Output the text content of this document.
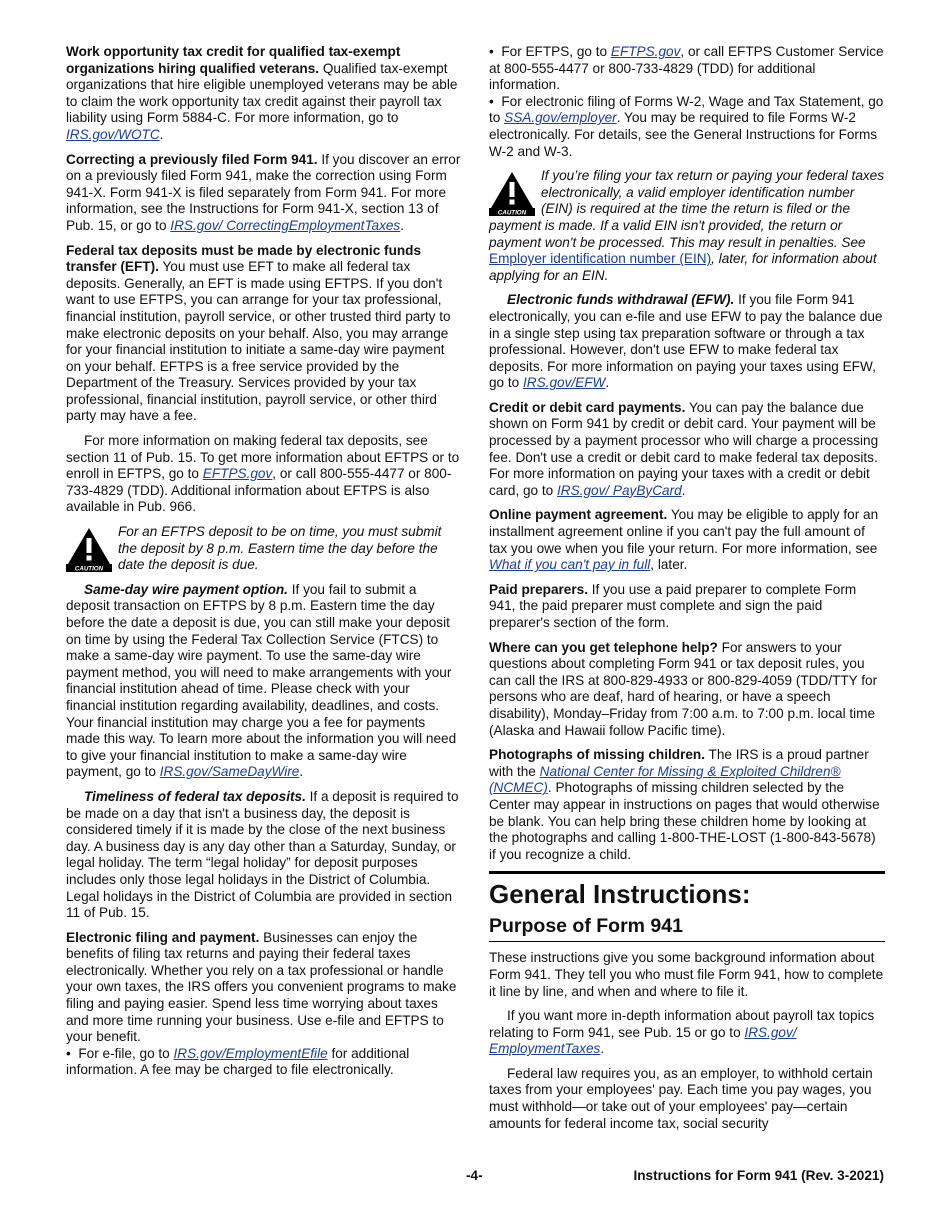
Work opportunity tax credit for qualified tax-exempt organizations hiring qualified veterans. Qualified tax-exempt organizations that hire eligible unemployed veterans may be able to claim the work opportunity tax credit against their payroll tax liability using Form 5884-C. For more information, go to IRS.gov/WOTC.

Correcting a previously filed Form 941. If you discover an error on a previously filed Form 941, make the correction using Form 941-X. Form 941-X is filed separately from Form 941. For more information, see the Instructions for Form 941-X, section 13 of Pub. 15, or go to IRS.gov/ CorrectingEmploymentTaxes.

Federal tax deposits must be made by electronic funds transfer (EFT). You must use EFT to make all federal tax deposits. Generally, an EFT is made using EFTPS. If you don't want to use EFTPS, you can arrange for your tax professional, financial institution, payroll service, or other trusted third party to make electronic deposits on your behalf. Also, you may arrange for your financial institution to initiate a same-day wire payment on your behalf. EFTPS is a free service provided by the Department of the Treasury. Services provided by your tax professional, financial institution, payroll service, or other third party may have a fee.

For more information on making federal tax deposits, see section 11 of Pub. 15. To get more information about EFTPS or to enroll in EFTPS, go to EFTPS.gov, or call 800-555-4477 or 800-733-4829 (TDD). Additional information about EFTPS is also available in Pub. 966.

CAUTION
For an EFTPS deposit to be on time, you must submit the deposit by 8 p.m. Eastern time the day before the date the deposit is due.

Same-day wire payment option. If you fail to submit a deposit transaction on EFTPS by 8 p.m. Eastern time the day before the date a deposit is due, you can still make your deposit on time by using the Federal Tax Collection Service (FTCS) to make a same-day wire payment. To use the same-day wire payment method, you will need to make arrangements with your financial institution ahead of time. Please check with your financial institution regarding availability, deadlines, and costs. Your financial institution may charge you a fee for payments made this way. To learn more about the information you will need to give your financial institution to make a same-day wire payment, go to IRS.gov/SameDayWire.

Timeliness of federal tax deposits. If a deposit is required to be made on a day that isn't a business day, the deposit is considered timely if it is made by the close of the next business day. A business day is any day other than a Saturday, Sunday, or legal holiday. The term “legal holiday” for deposit purposes includes only those legal holidays in the District of Columbia. Legal holidays in the District of Columbia are provided in section 11 of Pub. 15.

Electronic filing and payment. Businesses can enjoy the benefits of filing tax returns and paying their federal taxes electronically. Whether you rely on a tax professional or handle your own taxes, the IRS offers you convenient programs to make filing and paying easier. Spend less time worrying about taxes and more time running your business. Use e-file and EFTPS to your benefit.

• For e-file, go to IRS.gov/EmploymentEfile for additional information. A fee may be charged to file electronically.

• For EFTPS, go to EFTPS.gov, or call EFTPS Customer Service at 800-555-4477 or 800-733-4829 (TDD) for additional information.

• For electronic filing of Forms W-2, Wage and Tax Statement, go to SSA.gov/employer. You may be required to file Forms W-2 electronically. For details, see the General Instructions for Forms W-2 and W-3.

CAUTION
If you’re filing your tax return or paying your federal taxes electronically, a valid employer identification number (EIN) is required at the time the return is filed or the payment is made. If a valid EIN isn't provided, the return or payment won't be processed. This may result in penalties. See Employer identification number (EIN), later, for information about applying for an EIN.

Electronic funds withdrawal (EFW). If you file Form 941 electronically, you can e-file and use EFW to pay the balance due in a single step using tax preparation software or through a tax professional. However, don't use EFW to make federal tax deposits. For more information on paying your taxes using EFW, go to IRS.gov/EFW.

Credit or debit card payments. You can pay the balance due shown on Form 941 by credit or debit card. Your payment will be processed by a payment processor who will charge a processing fee. Don't use a credit or debit card to make federal tax deposits. For more information on paying your taxes with a credit or debit card, go to IRS.gov/ PayByCard.

Online payment agreement. You may be eligible to apply for an installment agreement online if you can't pay the full amount of tax you owe when you file your return. For more information, see What if you can't pay in full, later.

Paid preparers. If you use a paid preparer to complete Form 941, the paid preparer must complete and sign the paid preparer's section of the form.

Where can you get telephone help? For answers to your questions about completing Form 941 or tax deposit rules, you can call the IRS at 800-829-4933 or 800-829-4059 (TDD/TTY for persons who are deaf, hard of hearing, or have a speech disability), Monday–Friday from 7:00 a.m. to 7:00 p.m. local time (Alaska and Hawaii follow Pacific time).

Photographs of missing children. The IRS is a proud partner with the National Center for Missing & Exploited Children® (NCMEC). Photographs of missing children selected by the Center may appear in instructions on pages that would otherwise be blank. You can help bring these children home by looking at the photographs and calling 1-800-THE-LOST (1-800-843-5678) if you recognize a child.

General Instructions:
Purpose of Form 941

These instructions give you some background information about Form 941. They tell you who must file Form 941, how to complete it line by line, and when and where to file it.

If you want more in-depth information about payroll tax topics relating to Form 941, see Pub. 15 or go to IRS.gov/ EmploymentTaxes.

Federal law requires you, as an employer, to withhold certain taxes from your employees' pay. Each time you pay wages, you must withhold—or take out of your employees' pay—certain amounts for federal income tax, social security

-4-	Instructions for Form 941 (Rev. 3-2021)
